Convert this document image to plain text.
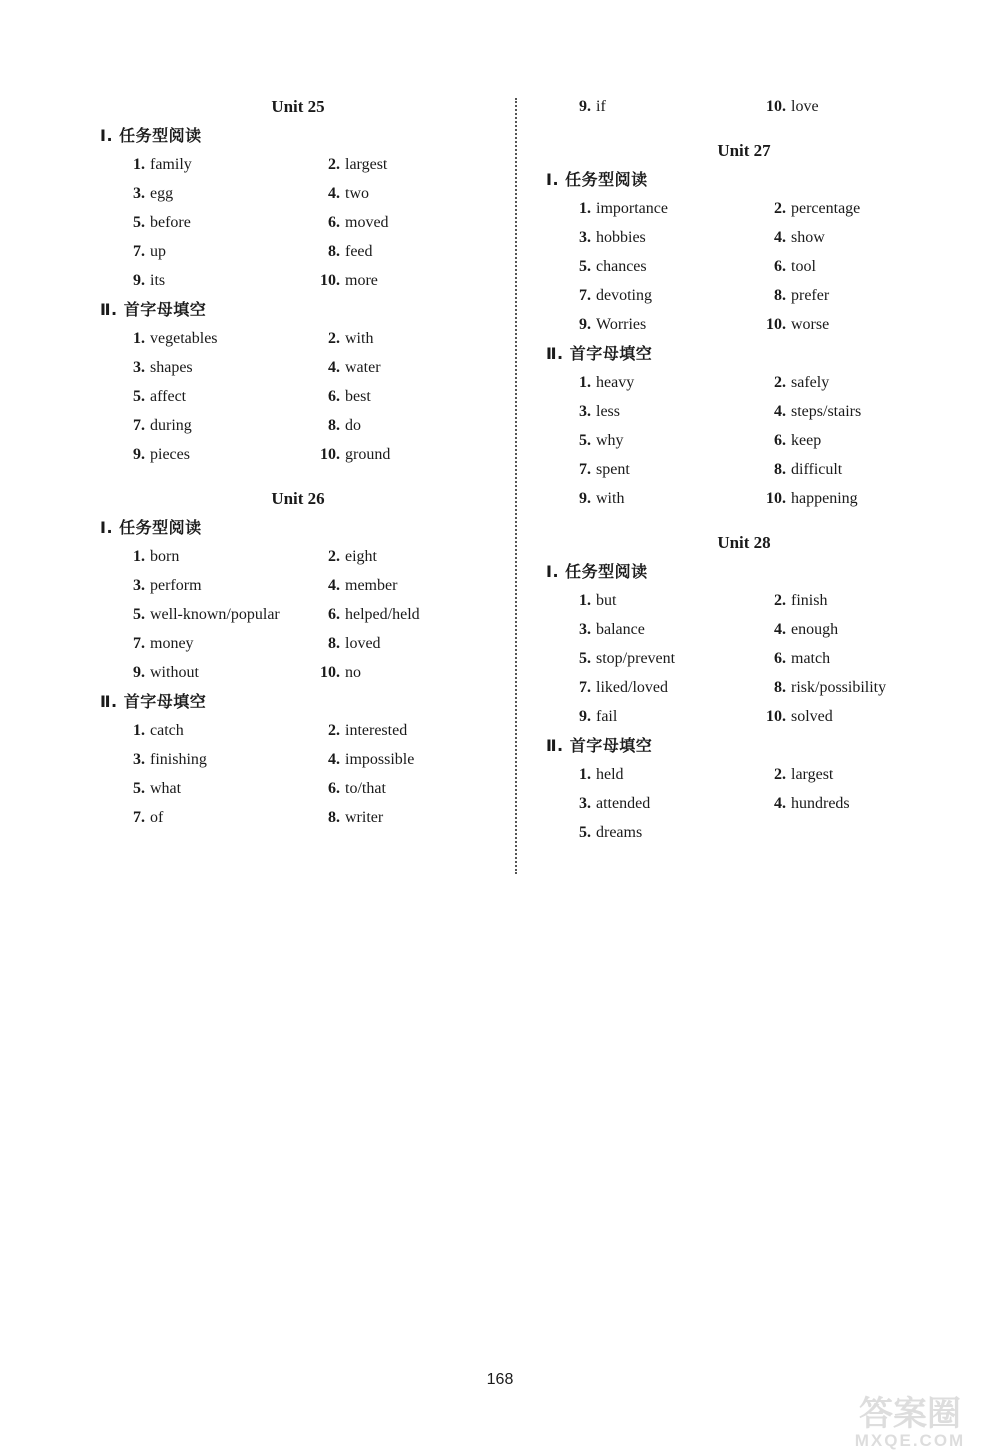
Unit 25
Ⅰ. 任务型阅读
1. family	2. largest
3. egg	4. two
5. before	6. moved
7. up	8. feed
9. its	10. more
Ⅱ. 首字母填空
1. vegetables	2. with
3. shapes	4. water
5. affect	6. best
7. during	8. do
9. pieces	10. ground
Unit 26
Ⅰ. 任务型阅读
1. born	2. eight
3. perform	4. member
5. well-known/popular	6. helped/held
7. money	8. loved
9. without	10. no
Ⅱ. 首字母填空
1. catch	2. interested
3. finishing	4. impossible
5. what	6. to/that
7. of	8. writer
9. if	10. love
Unit 27
Ⅰ. 任务型阅读
1. importance	2. percentage
3. hobbies	4. show
5. chances	6. tool
7. devoting	8. prefer
9. Worries	10. worse
Ⅱ. 首字母填空
1. heavy	2. safely
3. less	4. steps/stairs
5. why	6. keep
7. spent	8. difficult
9. with	10. happening
Unit 28
Ⅰ. 任务型阅读
1. but	2. finish
3. balance	4. enough
5. stop/prevent	6. match
7. liked/loved	8. risk/possibility
9. fail	10. solved
Ⅱ. 首字母填空
1. held	2. largest
3. attended	4. hundreds
5. dreams
168
答案圈
MXQE.COM
